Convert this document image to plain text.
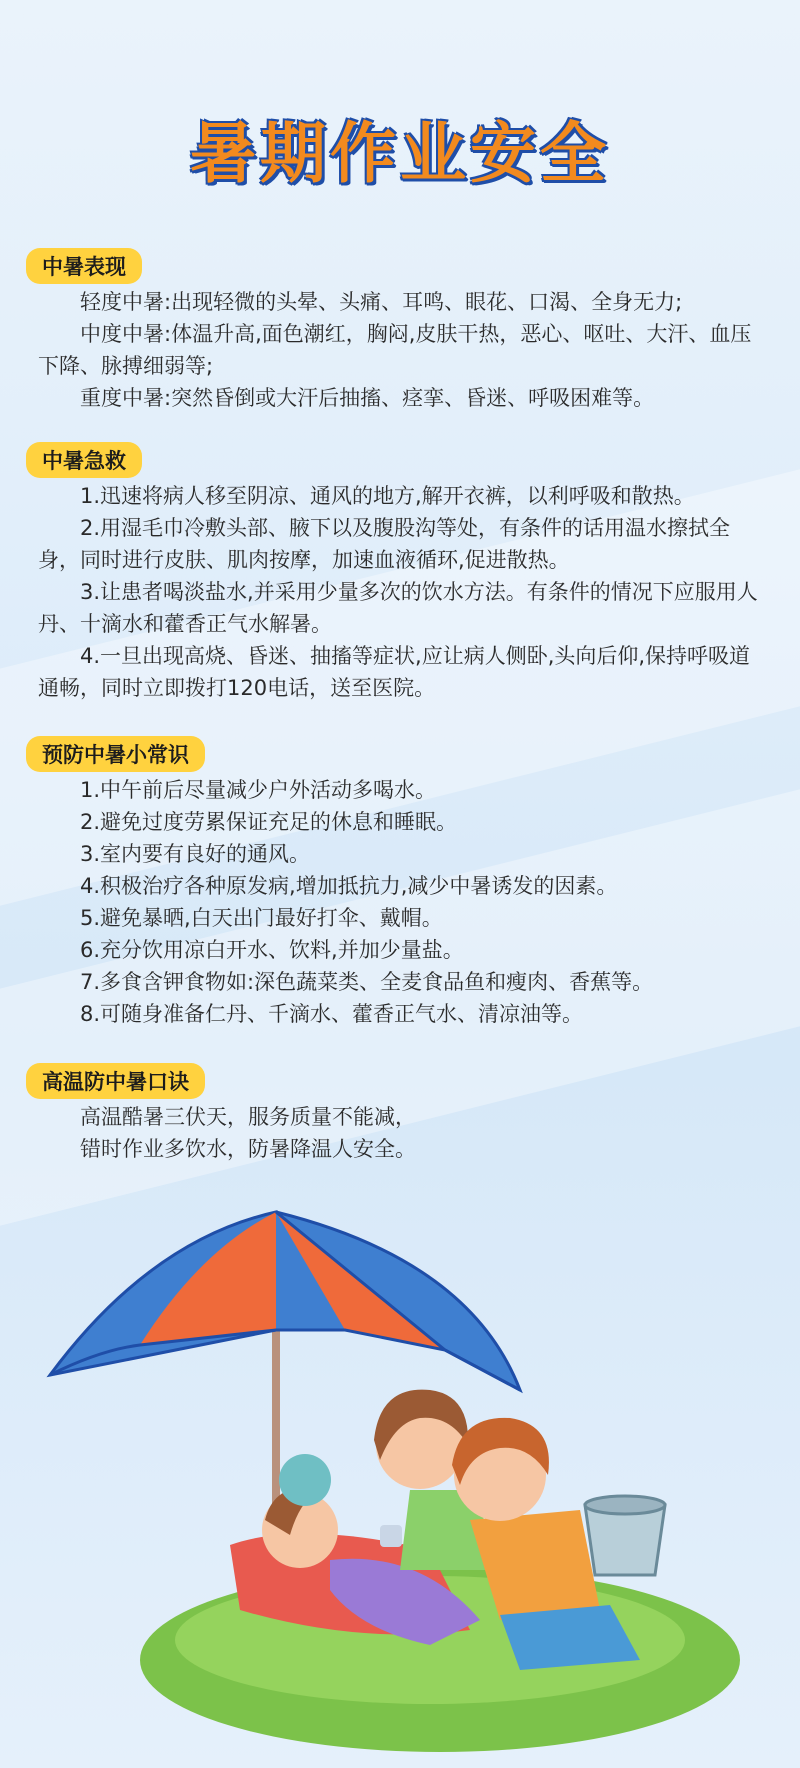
暑期作业安全
中暑表现

轻度中暑:出现轻微的头晕、头痛、耳鸣、眼花、口渴、全身无力;

中度中暑:体温升高,面色潮红，胸闷,皮肤干热，恶心、呕吐、大汗、血压下降、脉搏细弱等;

重度中暑:突然昏倒或大汗后抽搐、痉挛、昏迷、呼吸困难等。

中暑急救

1.迅速将病人移至阴凉、通风的地方,解开衣裤，以利呼吸和散热。

2.用湿毛巾冷敷头部、腋下以及腹股沟等处，有条件的话用温水擦拭全身，同时进行皮肤、肌肉按摩，加速血液循环,促进散热。

3.让患者喝淡盐水,并采用少量多次的饮水方法。有条件的情况下应服用人丹、十滴水和藿香正气水解暑。

4.一旦出现高烧、昏迷、抽搐等症状,应让病人侧卧,头向后仰,保持呼吸道通畅，同时立即拨打120电话，送至医院。

预防中暑小常识

1.中午前后尽量减少户外活动多喝水。

2.避免过度劳累保证充足的休息和睡眠。

3.室内要有良好的通风。

4.积极治疗各种原发病,增加抵抗力,减少中暑诱发的因素。

5.避免暴晒,白天出门最好打伞、戴帽。

6.充分饮用凉白开水、饮料,并加少量盐。

7.多食含钾食物如:深色蔬菜类、全麦食品鱼和瘦肉、香蕉等。

8.可随身准备仁丹、千滴水、藿香正气水、清凉油等。

高温防中暑口诀

高温酷暑三伏天，服务质量不能减，

错时作业多饮水，防暑降温人安全。
